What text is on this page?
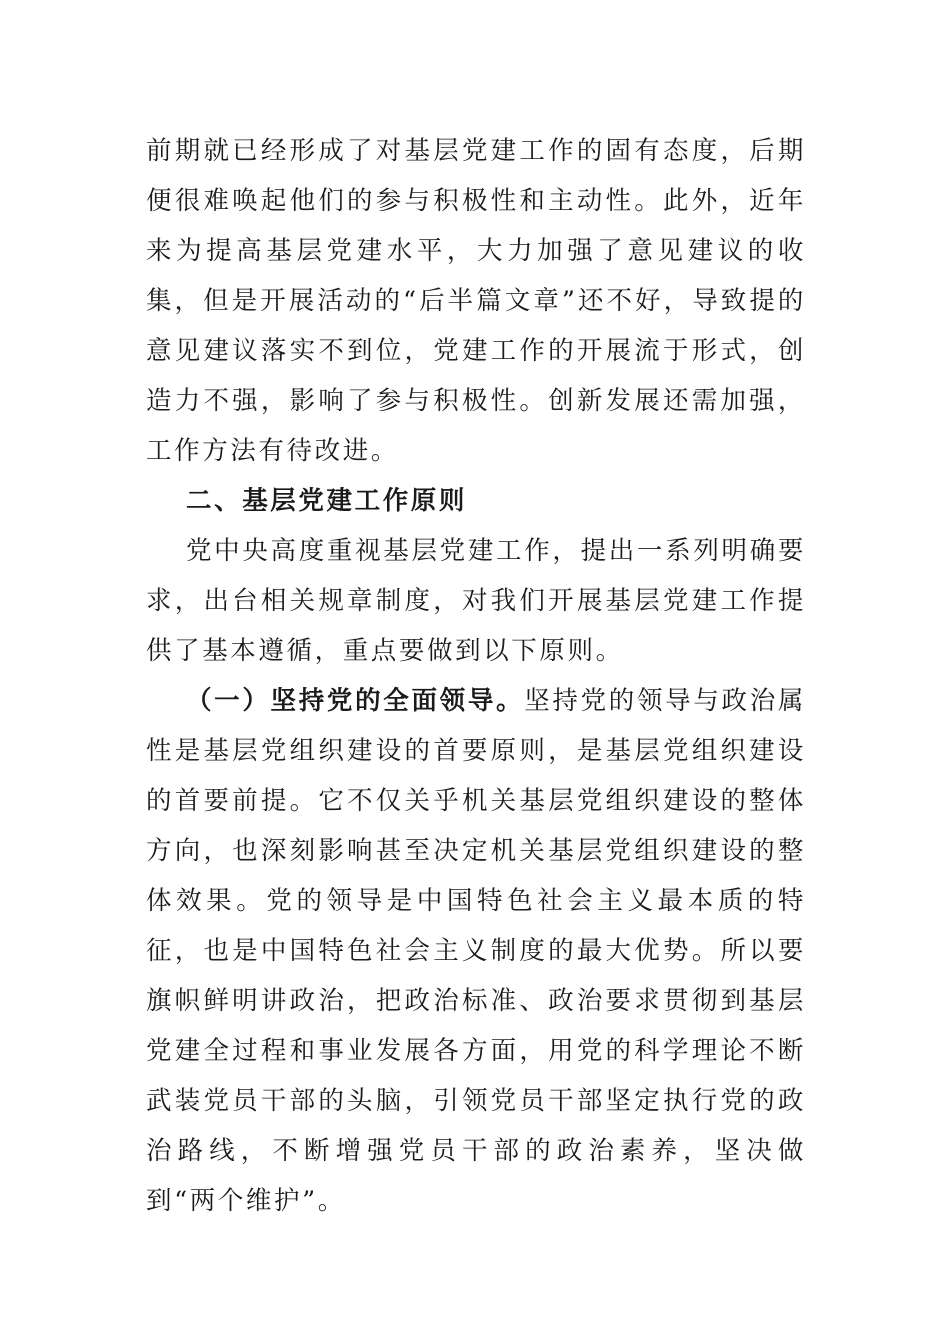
前期就已经形成了对基层党建工作的固有态度，后期便很难唤起他们的参与积极性和主动性。此外，近年来为提高基层党建水平，大力加强了意见建议的收集，但是开展活动的“后半篇文章”还不好，导致提的意见建议落实不到位，党建工作的开展流于形式，创造力不强，影响了参与积极性。创新发展还需加强，工作方法有待改进。

二、基层党建工作原则

党中央高度重视基层党建工作，提出一系列明确要求，出台相关规章制度，对我们开展基层党建工作提供了基本遵循，重点要做到以下原则。

（一）坚持党的全面领导。坚持党的领导与政治属性是基层党组织建设的首要原则，是基层党组织建设的首要前提。它不仅关乎机关基层党组织建设的整体方向，也深刻影响甚至决定机关基层党组织建设的整体效果。党的领导是中国特色社会主义最本质的特征，也是中国特色社会主义制度的最大优势。所以要旗帜鲜明讲政治，把政治标准、政治要求贯彻到基层党建全过程和事业发展各方面，用党的科学理论不断武装党员干部的头脑，引领党员干部坚定执行党的政治路线，不断增强党员干部的政治素养，坚决做到“两个维护”。
